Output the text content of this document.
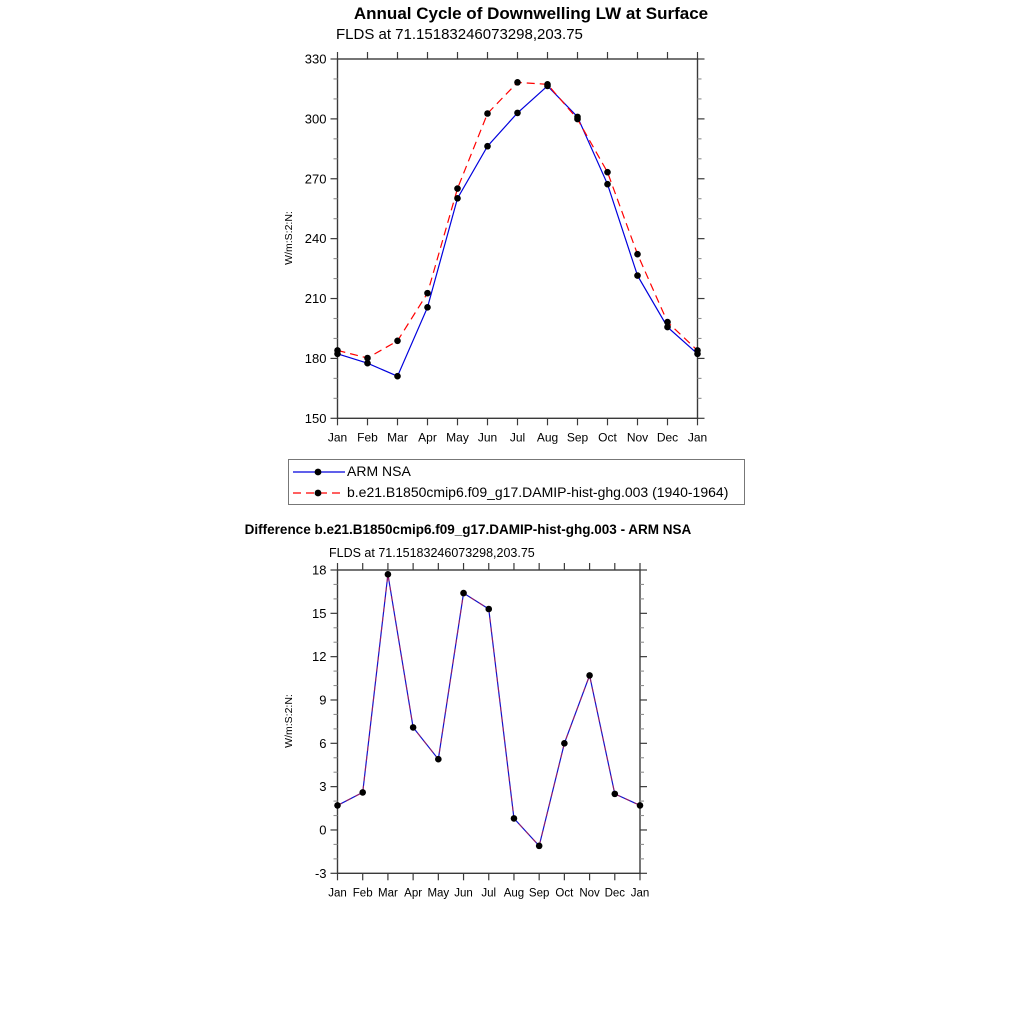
Annual Cycle of Downwelling LW at Surface
FLDS at 71.15183246073298,203.75
W/m:S:2:N:
Difference b.e21.B1850cmip6.f09_g17.DAMIP-hist-ghg.003 - ARM NSA
FLDS at 71.15183246073298,203.75
W/m:S:2:N:
150
180
210
240
270
300
330
Jan Feb Mar Apr May Jun Jul Aug Sep Oct Nov Dec Jan
-3
0
3
6
9
12
15
18
Jan Feb Mar Apr May Jun Jul Aug Sep Oct Nov Dec Jan
ARM NSA
b.e21.B1850cmip6.f09_g17.DAMIP-hist-ghg.003 (1940-1964)
